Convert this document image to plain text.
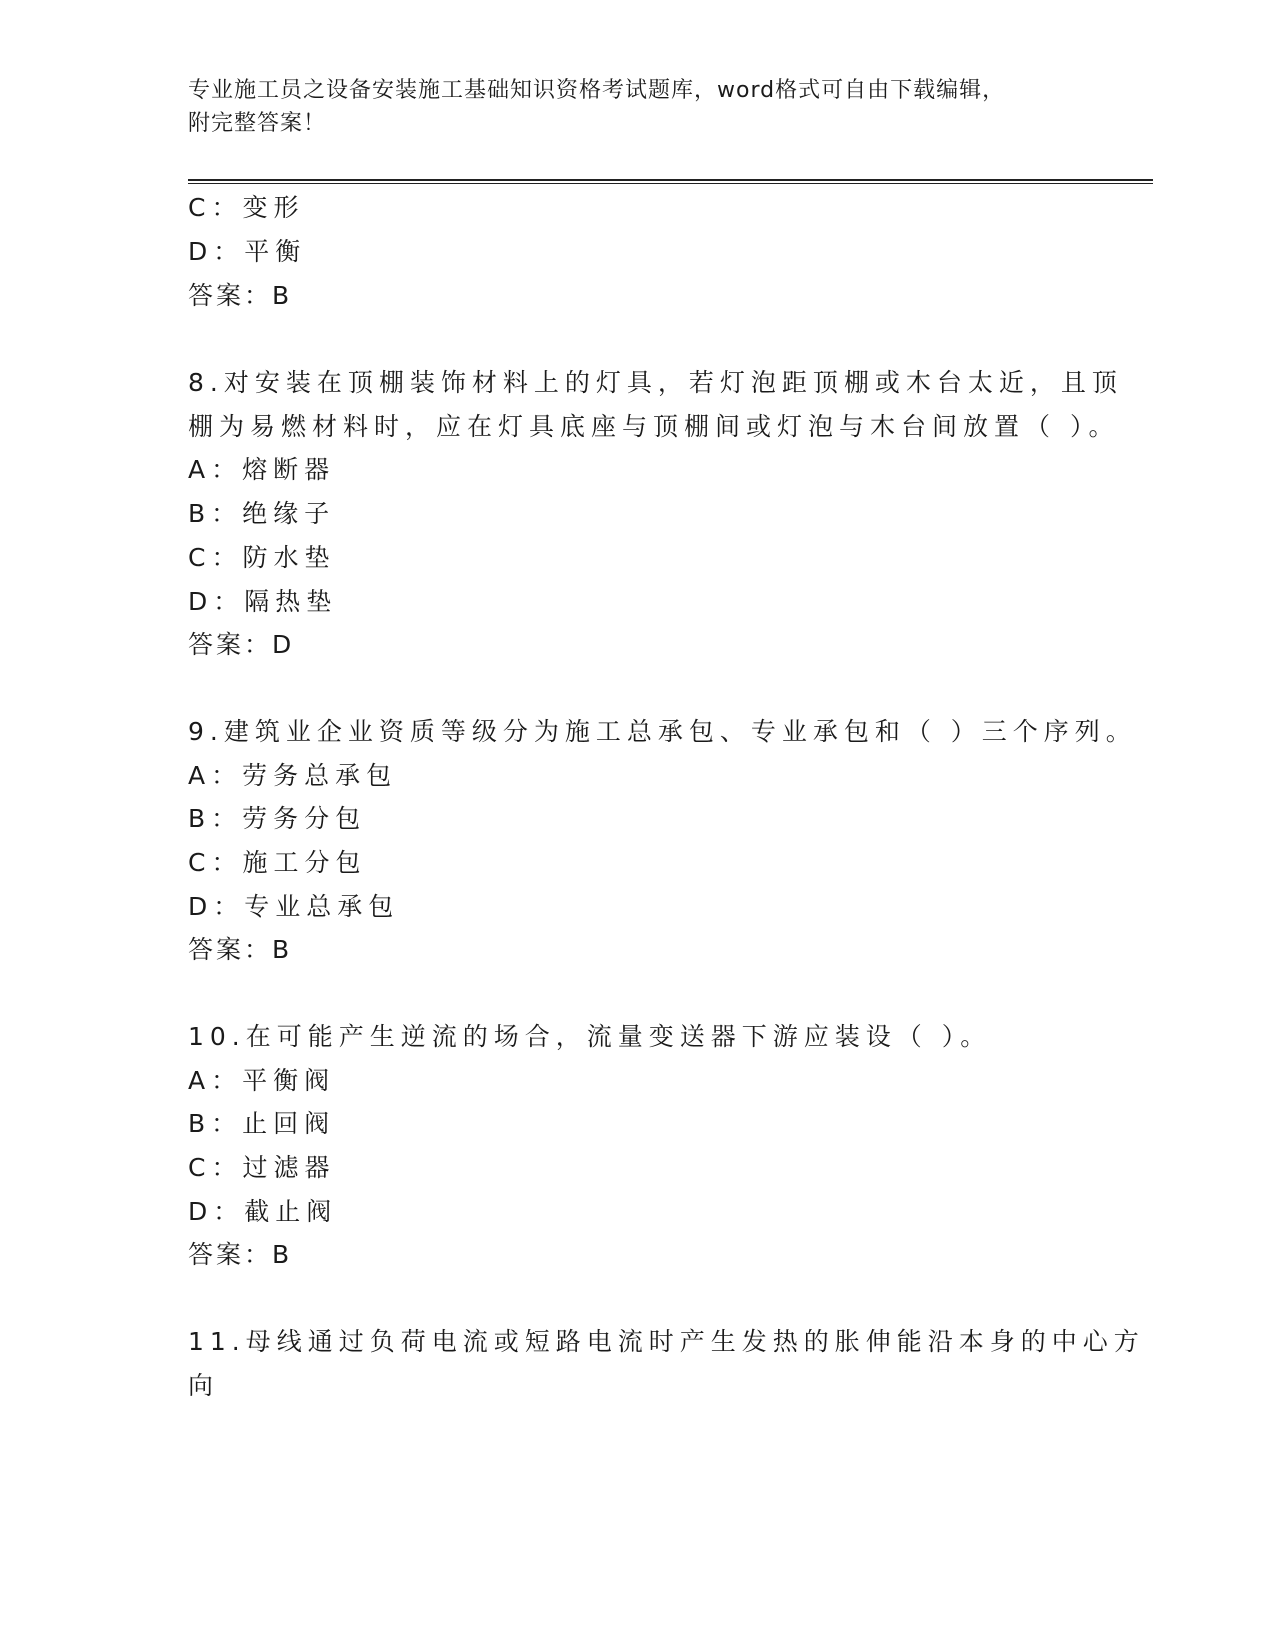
专业施工员之设备安装施工基础知识资格考试题库，word格式可自由下载编辑，
附完整答案！
C：变形
D：平衡
答案：B
8.对安装在顶棚装饰材料上的灯具，若灯泡距顶棚或木台太近，且顶
棚为易燃材料时，应在灯具底座与顶棚间或灯泡与木台间放置（ ）。
A：熔断器
B：绝缘子
C：防水垫
D：隔热垫
答案：D
9.建筑业企业资质等级分为施工总承包、专业承包和（ ）三个序列。
A：劳务总承包
B：劳务分包
C：施工分包
D：专业总承包
答案：B
10.在可能产生逆流的场合，流量变送器下游应装设（ ）。
A：平衡阀
B：止回阀
C：过滤器
D：截止阀
答案：B
11.母线通过负荷电流或短路电流时产生发热的胀伸能沿本身的中心方
向
